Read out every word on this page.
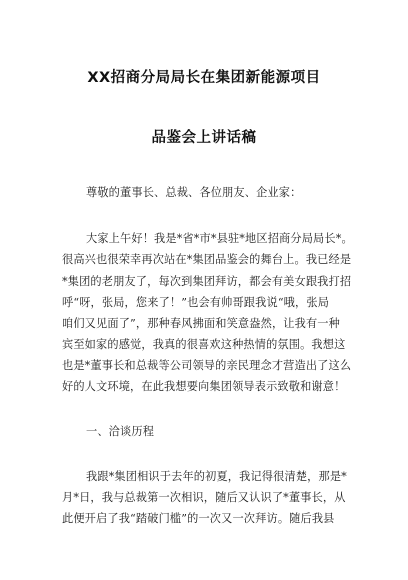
XX招商分局局长在集团新能源项目
品鉴会上讲话稿
尊敬的董事长、总裁、各位朋友、企业家：
大家上午好！我是*省*市*县驻*地区招商分局局长*。
很高兴也很荣幸再次站在*集团品鉴会的舞台上。我已经是
*集团的老朋友了，每次到集团拜访，都会有美女跟我打招
呼“呀，张局，您来了！”也会有帅哥跟我说“哦，张局
咱们又见面了”，那种春风拂面和笑意盎然，让我有一种
宾至如家的感觉，我真的很喜欢这种热情的氛围。我想这
也是*董事长和总裁等公司领导的亲民理念才营造出了这么
好的人文环境，在此我想要向集团领导表示致敬和谢意！
一、洽谈历程
我跟*集团相识于去年的初夏，我记得很清楚，那是*
月*日，我与总裁第一次相识，随后又认识了*董事长，从
此便开启了我“踏破门槛”的一次又一次拜访。随后我县
